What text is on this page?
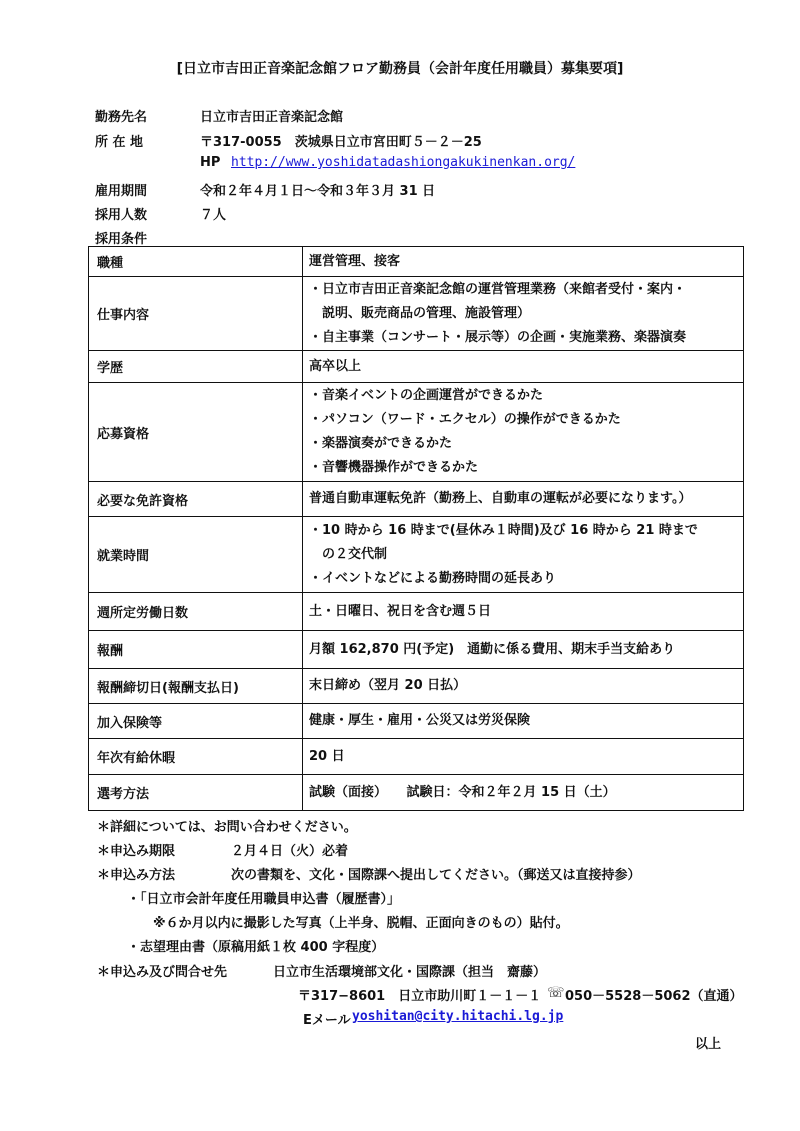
[日立市吉田正音楽記念館フロア勤務員（会計年度任用職員）募集要項]
勤務先名	日立市吉田正音楽記念館
所 在 地	〒317-0055　茨城県日立市宮田町５－２－25
HP http://www.yoshidatadashiongakukinenkan.org/
雇用期間	令和２年４月１日～令和３年３月 31 日
採用人数	７人
採用条件
職種	運営管理、接客

仕事内容	・日立市吉田正音楽記念館の運営管理業務（来館者受付・案内・
　説明、販売商品の管理、施設管理）
・自主事業（コンサート・展示等）の企画・実施業務、楽器演奏

学歴	高卒以上

応募資格	・音楽イベントの企画運営ができるかた
・パソコン（ワード・エクセル）の操作ができるかた
・楽器演奏ができるかた
・音響機器操作ができるかた

必要な免許資格	普通自動車運転免許（勤務上、自動車の運転が必要になります。）

就業時間	・10 時から 16 時まで(昼休み１時間)及び 16 時から 21 時まで
　の２交代制
・イベントなどによる勤務時間の延長あり

週所定労働日数	土・日曜日、祝日を含む週５日

報酬	月額 162,870 円(予定)　通勤に係る費用、期末手当支給あり

報酬締切日(報酬支払日)	末日締め（翌月 20 日払）

加入保険等	健康・厚生・雇用・公災又は労災保険

年次有給休暇	20 日

選考方法	試験（面接）　　試験日：令和２年２月 15 日（土）
＊詳細については、お問い合わせください。
＊申込み期限	２月４日（火）必着
＊申込み方法	次の書類を、文化・国際課へ提出してください。（郵送又は直接持参）
・「日立市会計年度任用職員申込書（履歴書）」
※６か月以内に撮影した写真（上半身、脱帽、正面向きのもの）貼付。
・志望理由書（原稿用紙１枚 400 字程度）
＊申込み及び問合せ先	日立市生活環境部文化・国際課（担当　齋藤）
〒317−8601　日立市助川町１－１－１ ☏ 050－5528－5062（直通）
Eメール yoshitan@city.hitachi.lg.jp
以上
